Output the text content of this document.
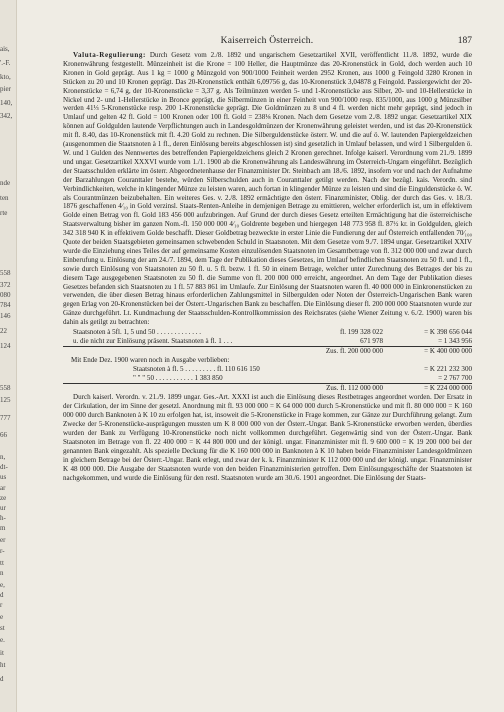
ais,
'.-F.
kto,
pier
140,
342,
nde
ten
rte
558
372
080
784
146
22
124
558
125
777
66
n,
dt-
us
ar
ze
ur
h-
m
er
r-
tt
n
e,
d
r
e
st
e.
it
ht
d
Kaiserreich Österreich.	187

Valuta-Regulierung: Durch Gesetz vom 2./8. 1892 und ungarischem Gesetzartikel XVII, veröffentlicht 11./8. 1892, wurde die Kronenwährung festgestellt. Münzeinheit ist die Krone = 100 Heller, die Hauptmünze das 20-Kronenstück in Gold, doch werden auch 10 Kronen in Gold geprägt. Aus 1 kg = 1000 g Münzgold von 900/1000 Feinheit werden 2952 Kronen, aus 1000 g Feingold 3280 Kronen in Stücken zu 20 und 10 Kronen geprägt. Das 20-Kronenstück enthält 6,09756 g, das 10-Kronenstück 3,04878 g Feingold. Passiergewicht der 20-Kronenstücke = 6,74 g, der 10-Kronenstücke = 3,37 g. Als Teilmünzen werden 5- und 1-Kronenstücke aus Silber, 20- und 10-Hellerstücke in Nickel und 2- und 1-Hellerstücke in Bronce geprägt, die Silbermünzen in einer Feinheit von 900/1000 resp. 835/1000, aus 1000 g Münzsilber werden 41⅓ 5-Kronenstücke resp. 200 1-Kronenstücke geprägt. Die Goldmünzen zu 8 und 4 fl. werden nicht mehr geprägt, sind jedoch in Umlauf und gelten 42 fl. Gold = 100 Kronen oder 100 fl. Gold = 238⅛ Kronen. Nach dem Gesetze vom 2./8. 1892 ungar. Gesetzartikel XIX können auf Goldgulden lautende Verpflichtungen auch in Landesgoldmünzen der Kronenwährung geleistet werden, und ist das 20-Kronenstück mit fl. 8.40, das 10-Kronenstück mit fl. 4.20 Gold zu rechnen. Die Silberguldenstücke österr. W. und die auf ö. W. lautenden Papiergeldzeichen (ausgenommen die Staatsnoten à 1 fl., deren Einlösung bereits abgeschlossen ist) sind gesetzlich in Umlauf belassen, und wird 1 Silbergulden ö. W. und 1 Gulden des Nennwertes des betreffenden Papiergeldzeichens gleich 2 Kronen gerechnet. Infolge kaiserl. Verordnung vom 21./9. 1899 und ungar. Gesetzartikel XXXVI wurde vom 1./1. 1900 ab die Kronenwährung als Landeswährung im Österreich-Ungarn eingeführt. Bezüglich der Staatsschulden erklärte im österr. Abgeordnetenhause der Finanzminister Dr. Steinbach am 18./6. 1892, insofern vor und nach der Aufnahme der Barzahlungen Couranttaler bestehe, würden Silberschulden auch in Couranttaler getilgt werden. Nach der bezügl. kais. Verordn. sind Verbindlichkeiten, welche in klingender Münze zu leisten waren, auch fortan in klingender Münze zu leisten und sind die Einguldenstücke ö. W. als Courantmünzen beizubehalten. Ein weiteres Ges. v. 2./8. 1892 ermächtigte den österr. Finanzminister, Oblig. der durch das Ges. v. 18./3. 1876 geschaffenen 4⁄₁₀ in Gold verzinsl. Staats-Renten-Anleihe in demjenigen Betrage zu emittieren, welcher erforderlich ist, um in effektivem Golde einen Betrag von fl. Gold 183 456 000 aufzubringen. Auf Grund der durch dieses Gesetz erteilten Ermächtigung hat die österreichische Staatsverwaltung bisher im ganzen Nom.-fl. 150 000 000 4⁄₁₀ Goldrente begeben und hiergegen 148 773 958 fl. 87½ kr. in Goldgulden, gleich 342 318 940 K in effektivem Golde beschafft. Dieser Goldbetrag bezweckte in erster Linie die Fundierung der auf Österreich entfallenden 70⁄₁₀₀ Quote der beiden Staatsgebieten gemeinsamen schwebenden Schuld in Staatsnoten. Mit dem Gesetze vom 9./7. 1894 ungar. Gesetzartikel XXIV wurde die Einziehung eines Teiles der auf gemeinsame Kosten einzulösenden Staatsnoten im Gesamtbetrage von fl. 312 000 000 und zwar durch Einberufung u. Einlösung der am 24./7. 1894, dem Tage der Publikation dieses Gesetzes, im Umlauf befindlichen Staatsnoten zu 50 fl. und 1 fl., sowie durch Einlösung von Staatsnoten zu 50 fl. u. 5 fl. bezw. 1 fl. 50 in einem Betrage, welcher unter Zurechnung des Betrages der bis zu diesem Tage ausgegebenen Staatsnoten zu 50 fl. die Summe von fl. 200 000 000 erreicht, angeordnet. An dem Tage der Publikation dieses Gesetzes befanden sich Staatsnoten zu 1 fl. 57 883 861 im Umlaufe. Zur Einlösung der Staatsnoten waren fl. 40 000 000 in Einkronenstücken zu verwenden, die über diesen Betrag hinaus erforderlichen Zahlungsmittel in Silbergulden oder Noten der Österreich-Ungarischen Bank waren gegen Erlag von 20-Kronenstücken bei der Österr.-Ungarischen Bank zu beschaffen. Die Einlösung dieser fl. 200 000 000 Staatsnoten wurde zur Gänze durchgeführt. Lt. Kundmachung der Staatsschulden-Kontrollkommission des Reichsrates (siehe Wiener Zeitung v. 6./2. 1900) waren bis dahin als getilgt zu betrachten:

Staatsnoten à 5fl. 1, 5 und 50 . . . . . . . . . . . . .	fl. 199 328 022	= K 398 656 044
u. die nicht zur Einlösung präsent. Staatsnoten à fl. 1 . . .	671 978	= 1 343 956
Zus. fl. 200 000 000	= K 400 000 000
Mit Ende Dez. 1900 waren noch in Ausgabe verblieben:
Staatsnoten à fl. 5 . . . . . . . . . fl. 110 616 150	= K 221 232 300
" " " 50 . . . . . . . . . . . 1 383 850	= 2 767 700
Zus. fl. 112 000 000	= K 224 000 000

Durch kaiserl. Verordn. v. 21./9. 1899 ungar. Ges.-Art. XXXI ist auch die Einlösung dieses Restbetrages angeordnet worden. Der Ersatz in der Cirkulation, der im Sinne der gesetzl. Anordnung mit fl. 93 000 000 = K 64 000 000 durch 5-Kronenstücke und mit fl. 80 000 000 = K 160 000 000 durch Banknoten à K 10 zu erfolgen hat, ist, insoweit die 5-Kronenstücke in Frage kommen, zur Gänze zur Durchführung gelangt. Zum Zwecke der 5-Kronenstücke-ausprägungen mussten um K 8 000 000 von der Österr.-Ungar. Bank 5-Kronenstücke erworben werden, überdies wurden der Bank zu Verfügung 10-Kronenstücke noch nicht vollkommen durchgeführt. Gegenwärtig sind von der Österr.-Ungar. Bank Staatsnoten im Betrage von fl. 22 400 000 = K 44 800 000 und der königl. ungar. Finanzminister mit fl. 9 600 000 = K 19 200 000 bei der genannten Bank eingezahlt. Als spezielle Deckung für die K 160 000 000 in Banknoten à K 10 haben beide Finanzminister Landesgoldmünzen in gleichem Betrage bei der Österr.-Ungar. Bank erlegt, und zwar der k. k. Finanzminister K 112 000 000 und der königl. ungar. Finanzminister K 48 000 000. Die Ausgabe der Staatsnoten wurde von den beiden Finanzministerien getroffen. Dem Einlösungsgeschäfte der Staatsnoten ist nachgekommen, und wurde die Einlösung für den restl. Staatsnoten wurde am 30./6. 1901 angeordnet. Die Einlösung der Staats-
